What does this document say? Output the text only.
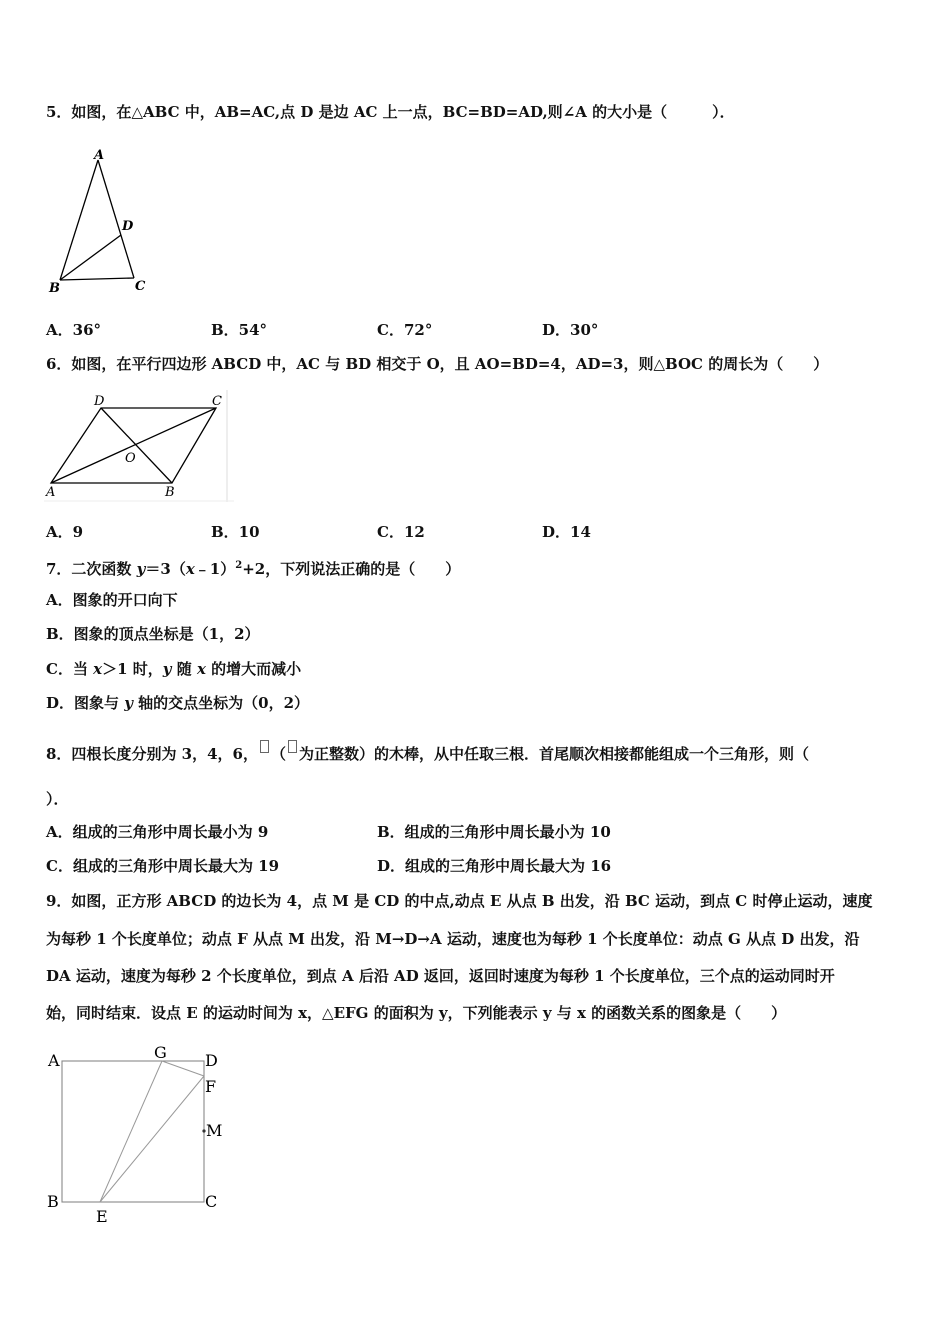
5．如图，在△ABC 中，AB=AC,点 D 是边 AC 上一点，BC=BD=AD,则∠A 的大小是（　　　）．
A
D
B	C
A．36°	B．54°	C．72°	D．30°
6．如图，在平行四边形 ABCD 中，AC 与 BD 相交于 O，且 AO=BD=4，AD=3，则△BOC 的周长为（　　）
D	C
O
A	B
A．9	B．10	C．12	D．14
7．二次函数 y＝3（x﹣1）$^2$+2，下列说法正确的是（　　）
A．图象的开口向下
B．图象的顶点坐标是（1，2）
C．当 x＞1 时，y 随 x 的增大而减小
D．图象与 y 轴的交点坐标为（0，2）
8．四根长度分别为 3，4，6， （ 为正整数）的木棒，从中任取三根．首尾顺次相接都能组成一个三角形，则（
）．
A．组成的三角形中周长最小为 9	B．组成的三角形中周长最小为 10
C．组成的三角形中周长最大为 19	D．组成的三角形中周长最大为 16
9．如图，正方形 ABCD 的边长为 4，点 M 是 CD 的中点,动点 E 从点 B 出发，沿 BC 运动，到点 C 时停止运动，速度
为每秒 1 个长度单位；动点 F 从点 M 出发，沿 M→D→A 运动，速度也为每秒 1 个长度单位：动点 G 从点 D 出发，沿
DA 运动，速度为每秒 2 个长度单位，到点 A 后沿 AD 返回，返回时速度为每秒 1 个长度单位，三个点的运动同时开
始，同时结束．设点 E 的运动时间为 x，△EFG 的面积为 y，下列能表示 y 与 x 的函数关系的图象是（　　）
A	G D
F
M
B
E
C
